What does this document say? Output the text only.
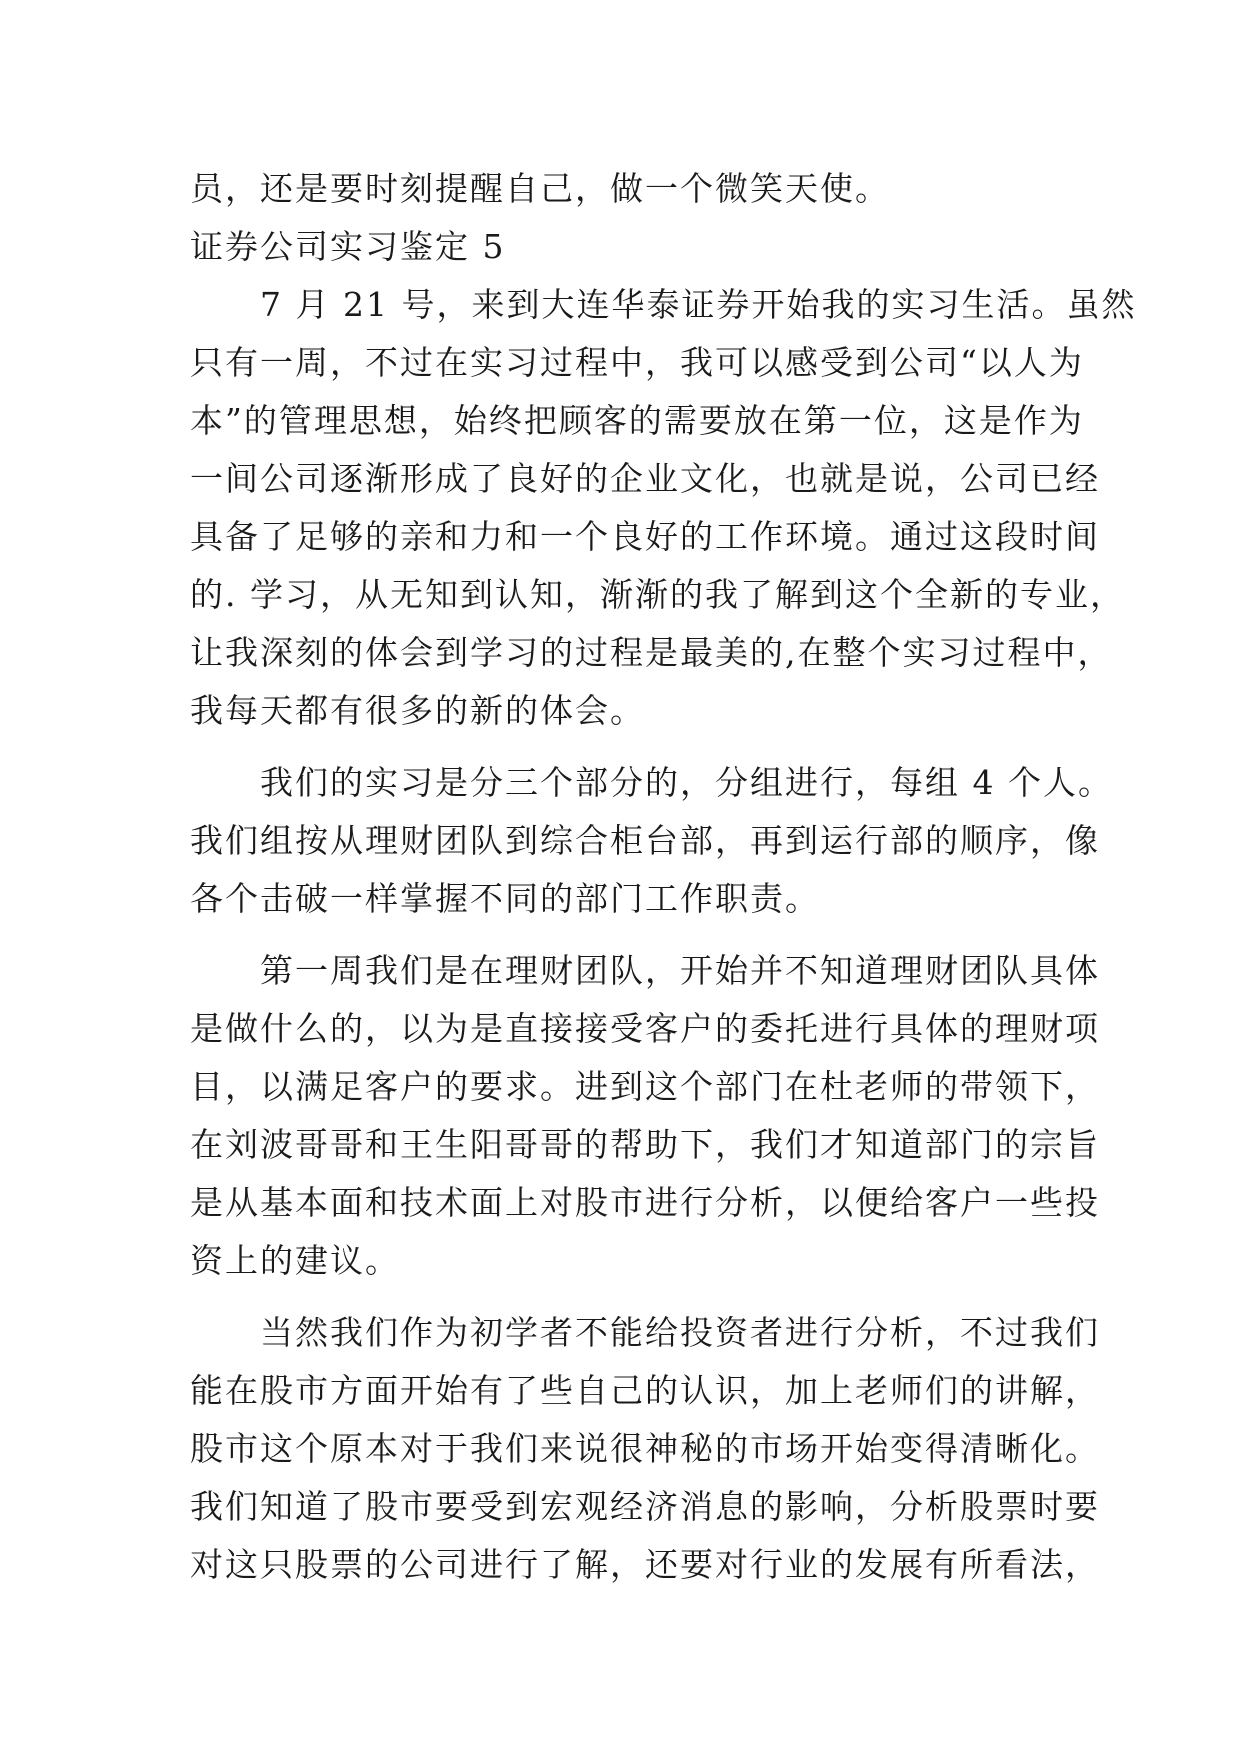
员，还是要时刻提醒自己，做一个微笑天使。
证券公司实习鉴定 5
　　7 月 21 号，来到大连华泰证券开始我的实习生活。虽然
只有一周，不过在实习过程中，我可以感受到公司“以人为
本”的管理思想，始终把顾客的需要放在第一位，这是作为
一间公司逐渐形成了良好的企业文化，也就是说，公司已经
具备了足够的亲和力和一个良好的工作环境。通过这段时间
的. 学习，从无知到认知，渐渐的我了解到这个全新的专业，
让我深刻的体会到学习的过程是最美的,在整个实习过程中，
我每天都有很多的新的体会。
　　我们的实习是分三个部分的，分组进行，每组 4 个人。
我们组按从理财团队到综合柜台部，再到运行部的顺序，像
各个击破一样掌握不同的部门工作职责。
　　第一周我们是在理财团队，开始并不知道理财团队具体
是做什么的，以为是直接接受客户的委托进行具体的理财项
目，以满足客户的要求。进到这个部门在杜老师的带领下，
在刘波哥哥和王生阳哥哥的帮助下，我们才知道部门的宗旨
是从基本面和技术面上对股市进行分析，以便给客户一些投
资上的建议。
　　当然我们作为初学者不能给投资者进行分析，不过我们
能在股市方面开始有了些自己的认识，加上老师们的讲解，
股市这个原本对于我们来说很神秘的市场开始变得清晰化。
我们知道了股市要受到宏观经济消息的影响，分析股票时要
对这只股票的公司进行了解，还要对行业的发展有所看法，
